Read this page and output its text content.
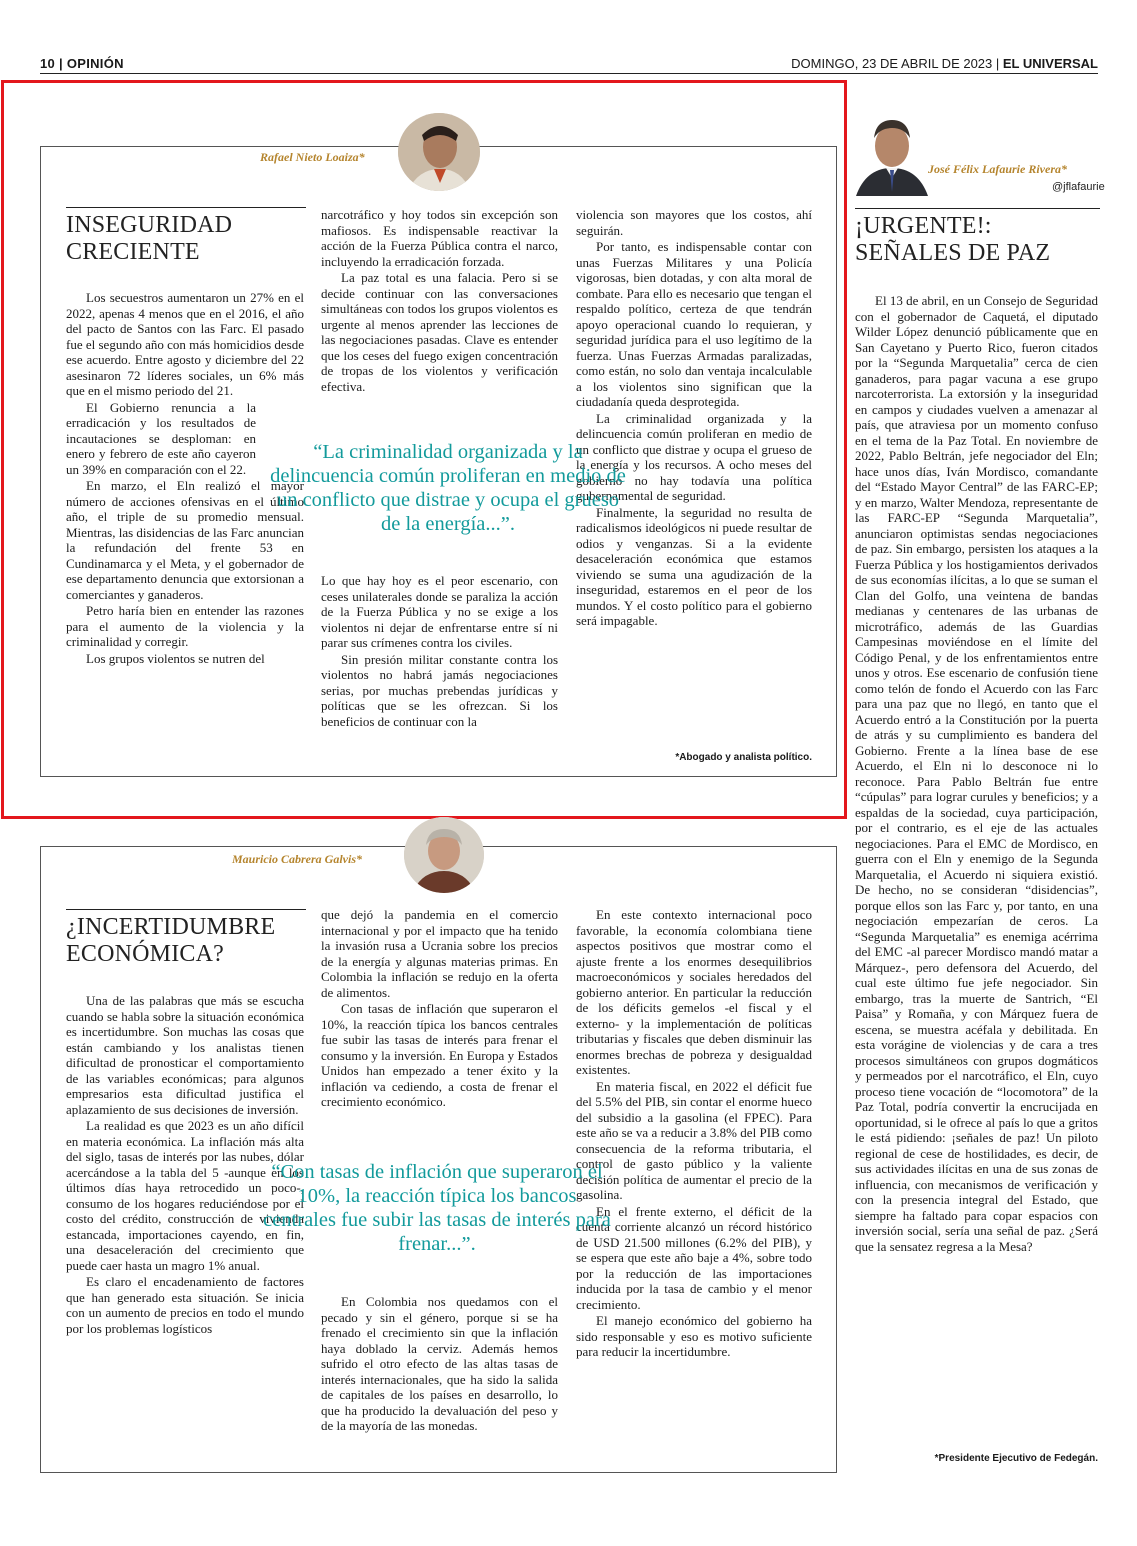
10 | OPINIÓN	DOMINGO, 23 DE ABRIL DE 2023 | EL UNIVERSAL
Rafael Nieto Loaiza*
INSEGURIDAD
CRECIENTE

Los secuestros aumentaron un 27% en el 2022, apenas 4 menos que en el 2016, el año del pacto de Santos con las Farc. El pasado fue el segundo año con más homicidios desde ese acuerdo. Entre agosto y diciembre del 22 asesinaron 72 líderes sociales, un 6% más que en el mismo periodo del 21.

El Gobierno renuncia a la erradicación y los resultados de incautaciones se desploman: en enero y febrero de este año cayeron un 39% en comparación con el 22.

En marzo, el Eln realizó el mayor número de acciones ofensivas en el último año, el triple de su promedio mensual. Mientras, las disidencias de las Farc anuncian la refundación del frente 53 en Cundinamarca y el Meta, y el gobernador de ese departamento denuncia que extorsionan a comerciantes y ganaderos.

Petro haría bien en entender las razones para el aumento de la violencia y la criminalidad y corregir.

Los grupos violentos se nutren del

narcotráfico y hoy todos sin excepción son mafiosos. Es indispensable reactivar la acción de la Fuerza Pública contra el narco, incluyendo la erradicación forzada.

La paz total es una falacia. Pero si se decide continuar con las conversaciones simultáneas con todos los grupos violentos es urgente al menos aprender las lecciones de las negociaciones pasadas. Clave es entender que los ceses del fuego exigen concentración de tropas de los violentos y verificación efectiva.

Lo que hay hoy es el peor escenario, con ceses unilaterales donde se paraliza la acción de la Fuerza Pública y no se exige a los violentos ni dejar de enfrentarse entre sí ni parar sus crímenes contra los civiles.

Sin presión militar constante contra los violentos no habrá jamás negociaciones serias, por muchas prebendas jurídicas y políticas que se les ofrezcan. Si los beneficios de continuar con la

violencia son mayores que los costos, ahí seguirán.

Por tanto, es indispensable contar con unas Fuerzas Militares y una Policía vigorosas, bien dotadas, y con alta moral de combate. Para ello es necesario que tengan el respaldo político, certeza de que tendrán apoyo operacional cuando lo requieran, y seguridad jurídica para el uso legítimo de la fuerza. Unas Fuerzas Armadas paralizadas, como están, no solo dan ventaja incalculable a los violentos sino significan que la ciudadanía queda desprotegida.

La criminalidad organizada y la delincuencia común proliferan en medio de un conflicto que distrae y ocupa el grueso de la energía y los recursos. A ocho meses del gobierno no hay todavía una política gubernamental de seguridad.

Finalmente, la seguridad no resulta de radicalismos ideológicos ni puede resultar de odios y venganzas. Si a la evidente desaceleración económica que estamos viviendo se suma una agudización de la inseguridad, estaremos en el peor de los mundos. Y el costo político para el gobierno será impagable.

“La criminalidad organizada y la delincuencia común proliferan en medio de un conflicto que distrae y ocupa el grueso de la energía...”.
*Abogado y analista político.
Mauricio Cabrera Galvis*
¿INCERTIDUMBRE
ECONÓMICA?

Una de las palabras que más se escucha cuando se habla sobre la situación económica es incertidumbre. Son muchas las cosas que están cambiando y los analistas tienen dificultad de pronosticar el comportamiento de las variables económicas; para algunos empresarios esta dificultad justifica el aplazamiento de sus decisiones de inversión.

La realidad es que 2023 es un año difícil en materia económica. La inflación más alta del siglo, tasas de interés por las nubes, dólar acercándose a la tabla del 5 -aunque en los últimos días haya retrocedido un poco-, consumo de los hogares reduciéndose por el costo del crédito, construcción de vivienda estancada, importaciones cayendo, en fin, una desaceleración del crecimiento que puede caer hasta un magro 1% anual.

Es claro el encadenamiento de factores que han generado esta situación. Se inicia con un aumento de precios en todo el mundo por los problemas logísticos

que dejó la pandemia en el comercio internacional y por el impacto que ha tenido la invasión rusa a Ucrania sobre los precios de la energía y algunas materias primas. En Colombia la inflación se redujo en la oferta de alimentos.

Con tasas de inflación que superaron el 10%, la reacción típica los bancos centrales fue subir las tasas de interés para frenar el consumo y la inversión. En Europa y Estados Unidos han empezado a tener éxito y la inflación va cediendo, a costa de frenar el crecimiento económico.

En Colombia nos quedamos con el pecado y sin el género, porque si se ha frenado el crecimiento sin que la inflación haya doblado la cerviz. Además hemos sufrido el otro efecto de las altas tasas de interés internacionales, que ha sido la salida de capitales de los países en desarrollo, lo que ha producido la devaluación del peso y de la mayoría de las monedas.

En este contexto internacional poco favorable, la economía colombiana tiene aspectos positivos que mostrar como el ajuste frente a los enormes desequilibrios macroeconómicos y sociales heredados del gobierno anterior. En particular la reducción de los déficits gemelos -el fiscal y el externo- y la implementación de políticas tributarias y fiscales que deben disminuir las enormes brechas de pobreza y desigualdad existentes.

En materia fiscal, en 2022 el déficit fue del 5.5% del PIB, sin contar el enorme hueco del subsidio a la gasolina (el FPEC). Para este año se va a reducir a 3.8% del PIB como consecuencia de la reforma tributaria, el control de gasto público y la valiente decisión política de aumentar el precio de la gasolina.

En el frente externo, el déficit de la cuenta corriente alcanzó un récord histórico de USD 21.500 millones (6.2% del PIB), y se espera que este año baje a 4%, sobre todo por la reducción de las importaciones inducida por la tasa de cambio y el menor crecimiento.

El manejo económico del gobierno ha sido responsable y eso es motivo suficiente para reducir la incertidumbre.

“Con tasas de inflación que superaron el 10%, la reacción típica los bancos centrales fue subir las tasas de interés para frenar...”.
José Félix Lafaurie Rivera*
@jflafaurie
¡URGENTE!:
SEÑALES DE PAZ

El 13 de abril, en un Consejo de Seguridad con el gobernador de Caquetá, el diputado Wilder López denunció públicamente que en San Cayetano y Puerto Rico, fueron citados por la “Segunda Marquetalia” cerca de cien ganaderos, para pagar vacuna a ese grupo narcoterrorista. La extorsión y la inseguridad en campos y ciudades vuelven a amenazar al país, que atraviesa por un momento confuso en el tema de la Paz Total. En noviembre de 2022, Pablo Beltrán, jefe negociador del Eln; hace unos días, Iván Mordisco, comandante del “Estado Mayor Central” de las FARC-EP; y en marzo, Walter Mendoza, representante de las FARC-EP “Segunda Marquetalia”, anunciaron optimistas sendas negociaciones de paz. Sin embargo, persisten los ataques a la Fuerza Pública y los hostigamientos derivados de sus economías ilícitas, a lo que se suman el Clan del Golfo, una veintena de bandas medianas y centenares de las urbanas de microtráfico, además de las Guardias Campesinas moviéndose en el límite del Código Penal, y de los enfrentamientos entre unos y otros. Ese escenario de confusión tiene como telón de fondo el Acuerdo con las Farc para una paz que no llegó, en tanto que el Acuerdo entró a la Constitución por la puerta de atrás y su cumplimiento es bandera del Gobierno. Frente a la línea base de ese Acuerdo, el Eln ni lo desconoce ni lo reconoce. Para Pablo Beltrán fue entre “cúpulas” para lograr curules y beneficios; y a espaldas de la sociedad, cuya participación, por el contrario, es el eje de las actuales negociaciones. Para el EMC de Mordisco, en guerra con el Eln y enemigo de la Segunda Marquetalia, el Acuerdo ni siquiera existió. De hecho, no se consideran “disidencias”, porque ellos son las Farc y, por tanto, en una negociación empezarían de ceros. La “Segunda Marquetalia” es enemiga acérrima del EMC -al parecer Mordisco mandó matar a Márquez-, pero defensora del Acuerdo, del cual este último fue jefe negociador. Sin embargo, tras la muerte de Santrich, “El Paisa” y Romaña, y con Márquez fuera de escena, se muestra acéfala y debilitada. En esta vorágine de violencias y de cara a tres procesos simultáneos con grupos dogmáticos y permeados por el narcotráfico, el Eln, cuyo proceso tiene vocación de “locomotora” de la Paz Total, podría convertir la encrucijada en oportunidad, si le ofrece al país lo que a gritos le está pidiendo: ¡señales de paz! Un piloto regional de cese de hostilidades, es decir, de sus actividades ilícitas en una de sus zonas de influencia, con mecanismos de verificación y con la presencia integral del Estado, que siempre ha faltado para copar espacios con inversión social, sería una señal de paz. ¿Será que la sensatez regresa a la Mesa?

*Presidente Ejecutivo de Fedegán.
